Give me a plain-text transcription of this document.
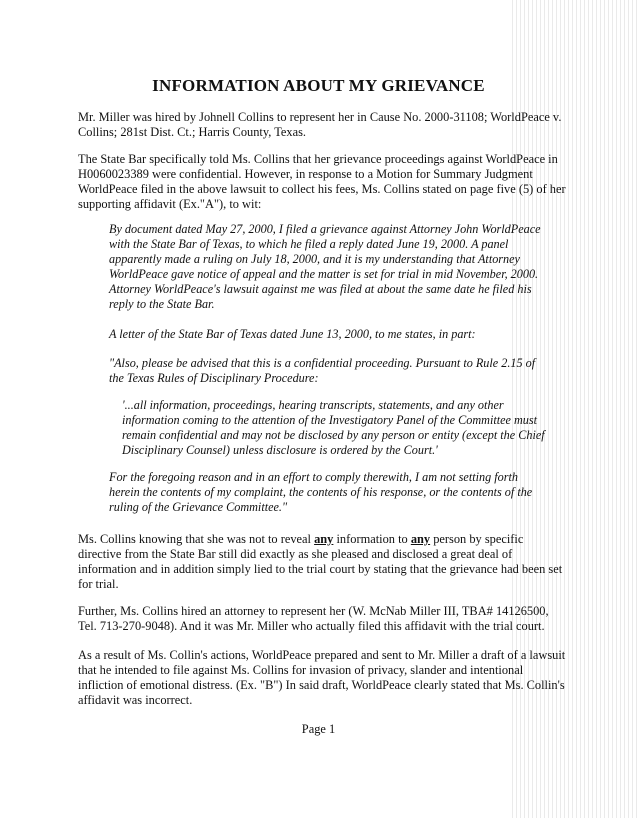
INFORMATION ABOUT MY GRIEVANCE

Mr. Miller was hired by Johnell Collins to represent her in Cause No. 2000-31108; WorldPeace v. Collins; 281st Dist. Ct.; Harris County, Texas.

The State Bar specifically told Ms. Collins that her grievance proceedings against WorldPeace in H0060023389 were confidential. However, in response to a Motion for Summary Judgment WorldPeace filed in the above lawsuit to collect his fees, Ms. Collins stated on page five (5) of her supporting affidavit (Ex."A"), to wit:

By document dated May 27, 2000, I filed a grievance against Attorney John WorldPeace with the State Bar of Texas, to which he filed a reply dated June 19, 2000. A panel apparently made a ruling on July 18, 2000, and it is my understanding that Attorney WorldPeace gave notice of appeal and the matter is set for trial in mid November, 2000. Attorney WorldPeace's lawsuit against me was filed at about the same date he filed his reply to the State Bar.

A letter of the State Bar of Texas dated June 13, 2000, to me states, in part:

"Also, please be advised that this is a confidential proceeding. Pursuant to Rule 2.15 of the Texas Rules of Disciplinary Procedure:

'...all information, proceedings, hearing transcripts, statements, and any other information coming to the attention of the Investigatory Panel of the Committee must remain confidential and may not be disclosed by any person or entity (except the Chief Disciplinary Counsel) unless disclosure is ordered by the Court.'

For the foregoing reason and in an effort to comply therewith, I am not setting forth herein the contents of my complaint, the contents of his response, or the contents of the ruling of the Grievance Committee."

Ms. Collins knowing that she was not to reveal any information to any person by specific directive from the State Bar still did exactly as she pleased and disclosed a great deal of information and in addition simply lied to the trial court by stating that the grievance had been set for trial.

Further, Ms. Collins hired an attorney to represent her (W. McNab Miller III, TBA# 14126500, Tel. 713-270-9048). And it was Mr. Miller who actually filed this affidavit with the trial court.

As a result of Ms. Collin's actions, WorldPeace prepared and sent to Mr. Miller a draft of a lawsuit that he intended to file against Ms. Collins for invasion of privacy, slander and intentional infliction of emotional distress. (Ex. "B") In said draft, WorldPeace clearly stated that Ms. Collin's affidavit was incorrect.

Page 1
